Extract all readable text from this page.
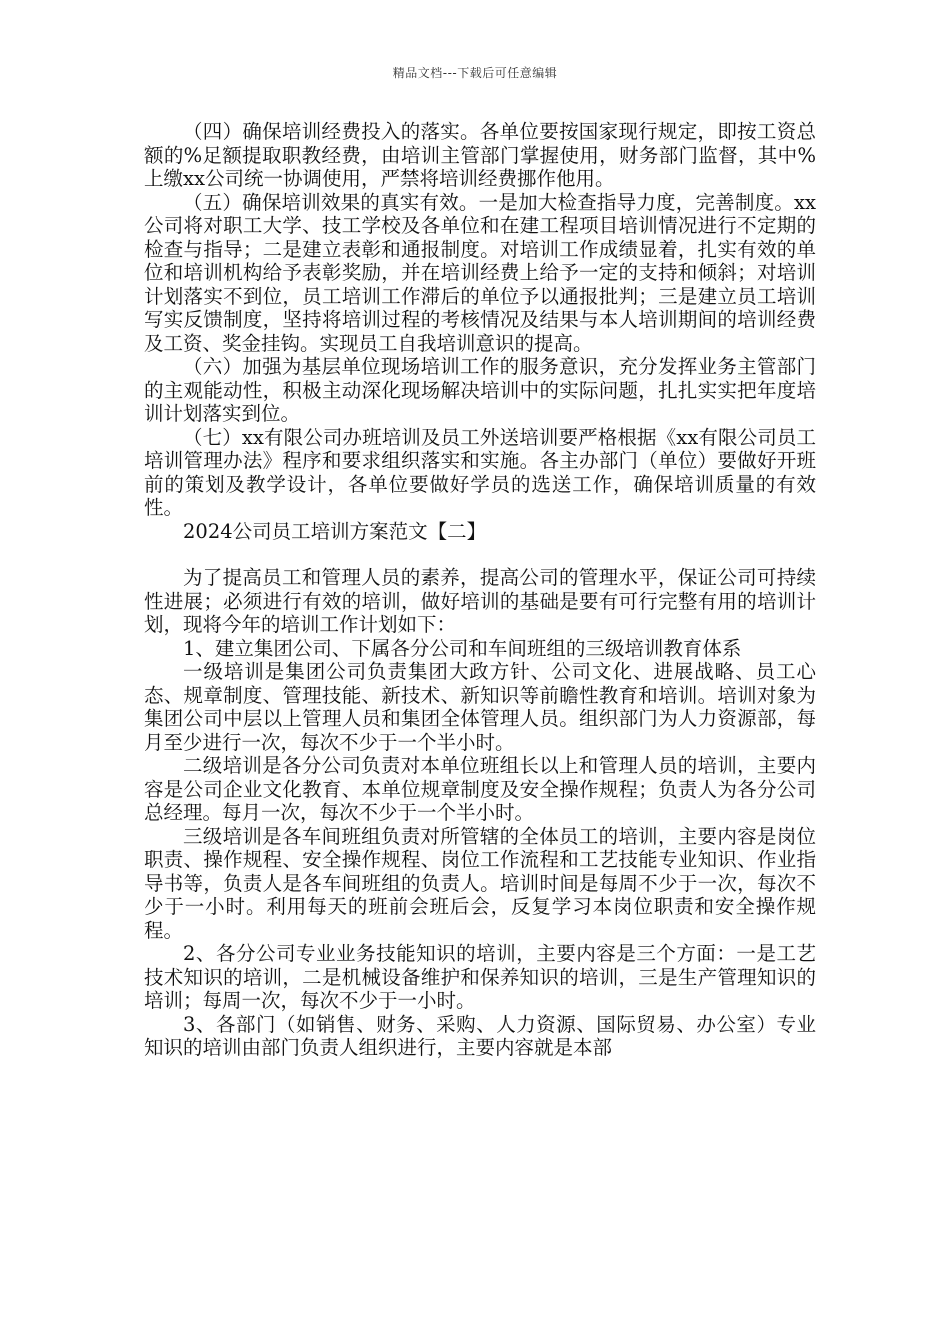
精品文档---下载后可任意编辑

（四）确保培训经费投入的落实。各单位要按国家现行规定，即按工资总额的%足额提取职教经费，由培训主管部门掌握使用，财务部门监督，其中%上缴xx公司统一协调使用，严禁将培训经费挪作他用。

（五）确保培训效果的真实有效。一是加大检查指导力度，完善制度。xx公司将对职工大学、技工学校及各单位和在建工程项目培训情况进行不定期的检查与指导；二是建立表彰和通报制度。对培训工作成绩显着，扎实有效的单位和培训机构给予表彰奖励，并在培训经费上给予一定的支持和倾斜；对培训计划落实不到位，员工培训工作滞后的单位予以通报批判；三是建立员工培训写实反馈制度，坚持将培训过程的考核情况及结果与本人培训期间的培训经费及工资、奖金挂钩。实现员工自我培训意识的提高。

（六）加强为基层单位现场培训工作的服务意识，充分发挥业务主管部门的主观能动性，积极主动深化现场解决培训中的实际问题，扎扎实实把年度培训计划落实到位。

（七）xx有限公司办班培训及员工外送培训要严格根据《xx有限公司员工培训管理办法》程序和要求组织落实和实施。各主办部门（单位）要做好开班前的策划及教学设计，各单位要做好学员的选送工作，确保培训质量的有效性。

2024公司员工培训方案范文【二】

为了提高员工和管理人员的素养，提高公司的管理水平，保证公司可持续性进展；必须进行有效的培训，做好培训的基础是要有可行完整有用的培训计划，现将今年的培训工作计划如下：

1、建立集团公司、下属各分公司和车间班组的三级培训教育体系

一级培训是集团公司负责集团大政方针、公司文化、进展战略、员工心态、规章制度、管理技能、新技术、新知识等前瞻性教育和培训。培训对象为集团公司中层以上管理人员和集团全体管理人员。组织部门为人力资源部，每月至少进行一次，每次不少于一个半小时。

二级培训是各分公司负责对本单位班组长以上和管理人员的培训，主要内容是公司企业文化教育、本单位规章制度及安全操作规程；负责人为各分公司总经理。每月一次，每次不少于一个半小时。

三级培训是各车间班组负责对所管辖的全体员工的培训，主要内容是岗位职责、操作规程、安全操作规程、岗位工作流程和工艺技能专业知识、作业指导书等，负责人是各车间班组的负责人。培训时间是每周不少于一次，每次不少于一小时。利用每天的班前会班后会，反复学习本岗位职责和安全操作规程。

2、各分公司专业业务技能知识的培训，主要内容是三个方面：一是工艺技术知识的培训，二是机械设备维护和保养知识的培训，三是生产管理知识的培训；每周一次，每次不少于一小时。

3、各部门（如销售、财务、采购、人力资源、国际贸易、办公室）专业知识的培训由部门负责人组织进行，主要内容就是本部
